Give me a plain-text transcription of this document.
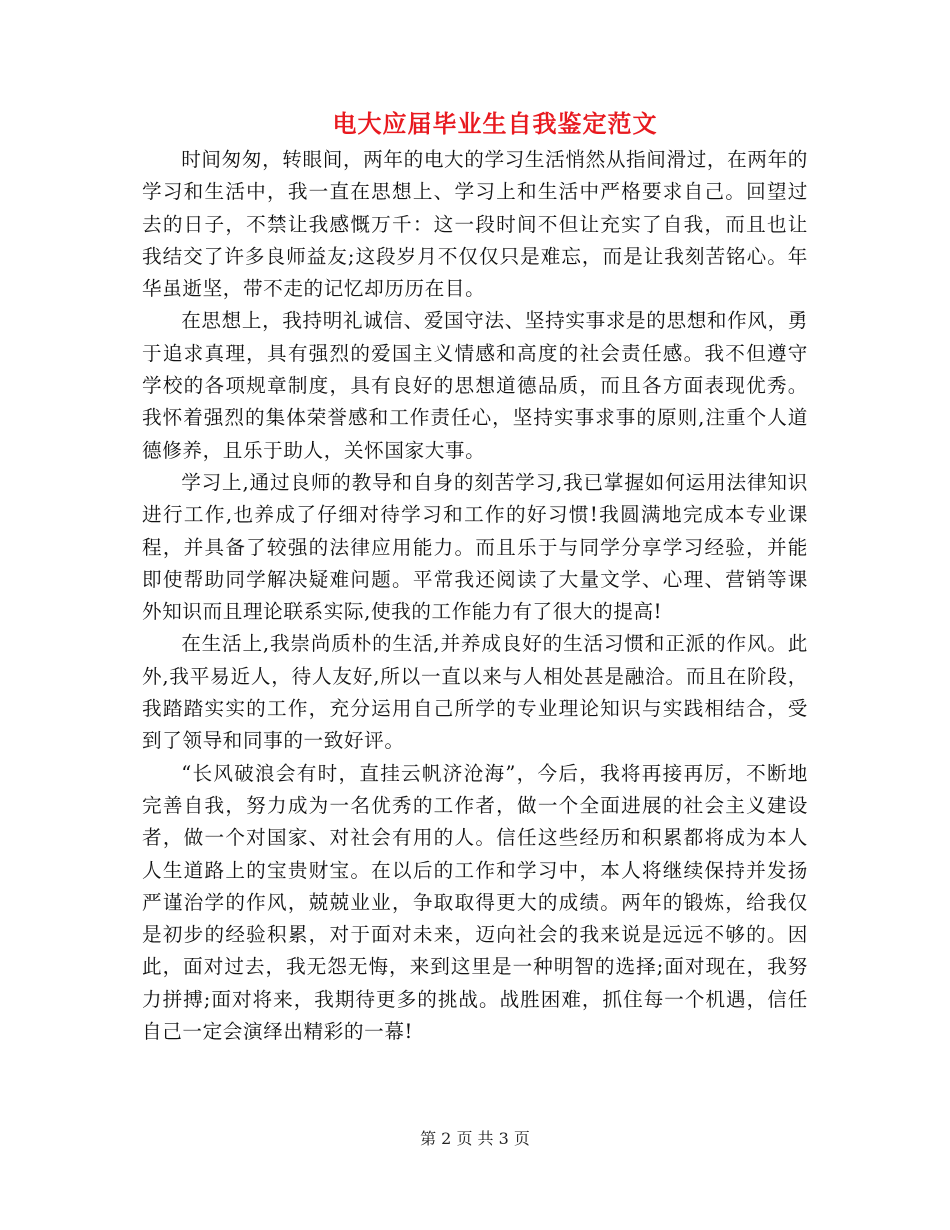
电大应届毕业生自我鉴定范文

时间匆匆，转眼间，两年的电大的学习生活悄然从指间滑过，在两年的学习和生活中，我一直在思想上、学习上和生活中严格要求自己。回望过去的日子，不禁让我感慨万千：这一段时间不但让充实了自我，而且也让我结交了许多良师益友;这段岁月不仅仅只是难忘，而是让我刻苦铭心。年华虽逝坚，带不走的记忆却历历在目。

在思想上，我持明礼诚信、爱国守法、坚持实事求是的思想和作风，勇于追求真理，具有强烈的爱国主义情感和高度的社会责任感。我不但遵守学校的各项规章制度，具有良好的思想道德品质，而且各方面表现优秀。我怀着强烈的集体荣誉感和工作责任心，坚持实事求事的原则,注重个人道德修养，且乐于助人，关怀国家大事。

学习上,通过良师的教导和自身的刻苦学习,我已掌握如何运用法律知识进行工作,也养成了仔细对待学习和工作的好习惯!我圆满地完成本专业课程，并具备了较强的法律应用能力。而且乐于与同学分享学习经验，并能即使帮助同学解决疑难问题。平常我还阅读了大量文学、心理、营销等课外知识而且理论联系实际,使我的工作能力有了很大的提高!

在生活上,我崇尚质朴的生活,并养成良好的生活习惯和正派的作风。此外,我平易近人，待人友好,所以一直以来与人相处甚是融洽。而且在阶段，我踏踏实实的工作，充分运用自己所学的专业理论知识与实践相结合，受到了领导和同事的一致好评。

“长风破浪会有时，直挂云帆济沧海”，今后，我将再接再厉，不断地完善自我，努力成为一名优秀的工作者，做一个全面进展的社会主义建设者，做一个对国家、对社会有用的人。信任这些经历和积累都将成为本人人生道路上的宝贵财宝。在以后的工作和学习中，本人将继续保持并发扬严谨治学的作风，兢兢业业，争取取得更大的成绩。两年的锻炼，给我仅是初步的经验积累，对于面对未来，迈向社会的我来说是远远不够的。因此，面对过去，我无怨无悔，来到这里是一种明智的选择;面对现在，我努力拼搏;面对将来，我期待更多的挑战。战胜困难，抓住每一个机遇，信任自己一定会演绎出精彩的一幕!

第 2 页 共 3 页
